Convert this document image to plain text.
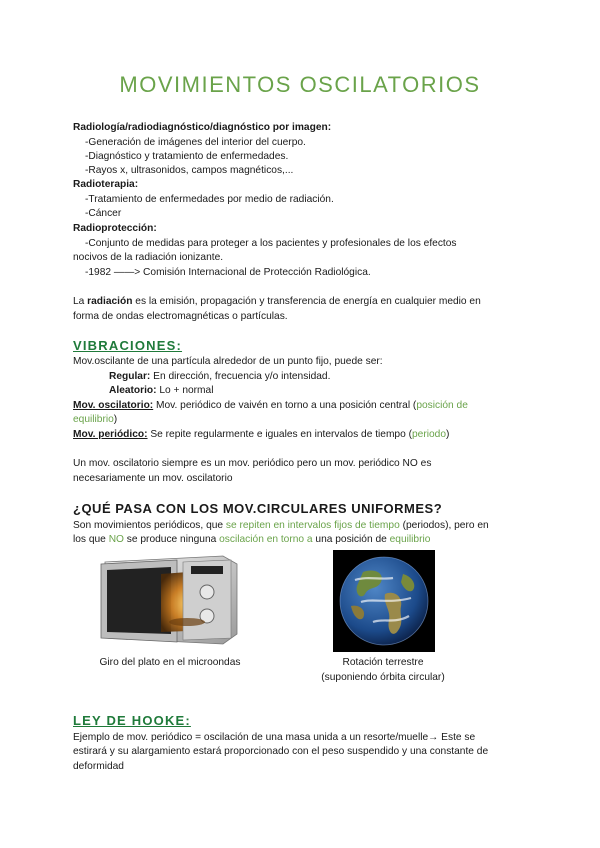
MOVIMIENTOS OSCILATORIOS
Radiología/radiodiagnóstico/diagnóstico por imagen:
-Generación de imágenes del interior del cuerpo.
-Diagnóstico y tratamiento de enfermedades.
-Rayos x, ultrasonidos, campos magnéticos,...
Radioterapia:
-Tratamiento de enfermedades por medio de radiación.
-Cáncer
Radioprotección:
-Conjunto de medidas para proteger a los pacientes y profesionales de los efectos
nocivos de la radiación ionizante.
-1982 ——> Comisión Internacional de Protección Radiológica.
La radiación es la emisión, propagación y transferencia de energía en cualquier medio en
forma de ondas electromagnéticas o partículas.
VIBRACIONES:
Mov.oscilante de una partícula alrededor de un punto fijo, puede ser:
Regular: En dirección, frecuencia y/o intensidad.
Aleatorio: Lo + normal
Mov. oscilatorio: Mov. periódico de vaivén en torno a una posición central (posición de
equilibrio)
Mov. periódico: Se repite regularmente e iguales en intervalos de tiempo (periodo)
Un mov. oscilatorio siempre es un mov. periódico pero un mov. periódico NO es
necesariamente un mov. oscilatorio
¿QUÉ PASA CON LOS MOV.CIRCULARES UNIFORMES?
Son movimientos periódicos, que se repiten en intervalos fijos de tiempo (periodos), pero en
los que NO se produce ninguna oscilación en torno a una posición de equilibrio
Giro del plato en el microondas	Rotación terrestre
(suponiendo órbita circular)
LEY DE HOOKE:
Ejemplo de mov. periódico = oscilación de una masa unida a un resorte/muelle→ Este se
estirará y su alargamiento estará proporcionado con el peso suspendido y una constante de
deformidad
